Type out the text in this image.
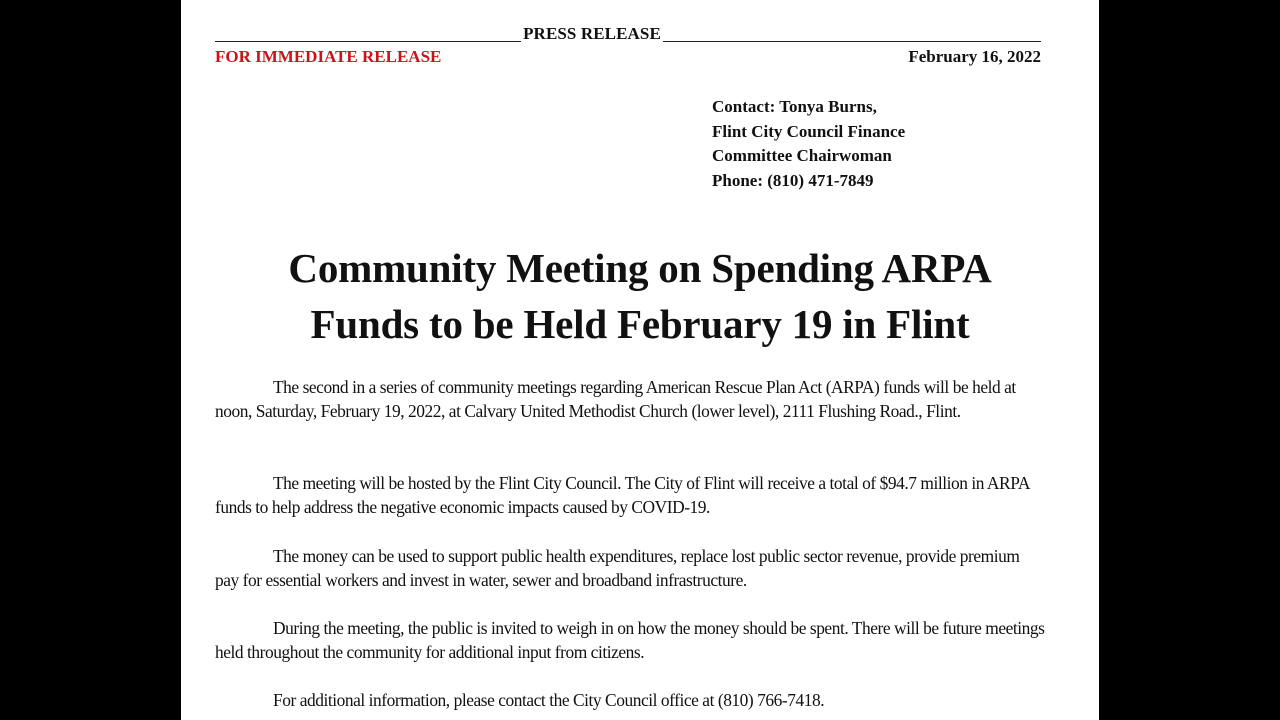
PRESS RELEASE
FOR IMMEDIATE RELEASE	February 16, 2022
Contact: Tonya Burns,
Flint City Council Finance
Committee Chairwoman
Phone: (810) 471-7849
Community Meeting on Spending ARPA
Funds to be Held February 19 in Flint

The second in a series of community meetings regarding American Rescue Plan Act (ARPA) funds will be held at noon, Saturday, February 19, 2022, at Calvary United Methodist Church (lower level), 2111 Flushing Road., Flint.

The meeting will be hosted by the Flint City Council. The City of Flint will receive a total of $94.7 million in ARPA funds to help address the negative economic impacts caused by COVID-19.

The money can be used to support public health expenditures, replace lost public sector revenue, provide premium pay for essential workers and invest in water, sewer and broadband infrastructure.

During the meeting, the public is invited to weigh in on how the money should be spent. There will be future meetings held throughout the community for additional input from citizens.

For additional information, please contact the City Council office at (810) 766-7418.
